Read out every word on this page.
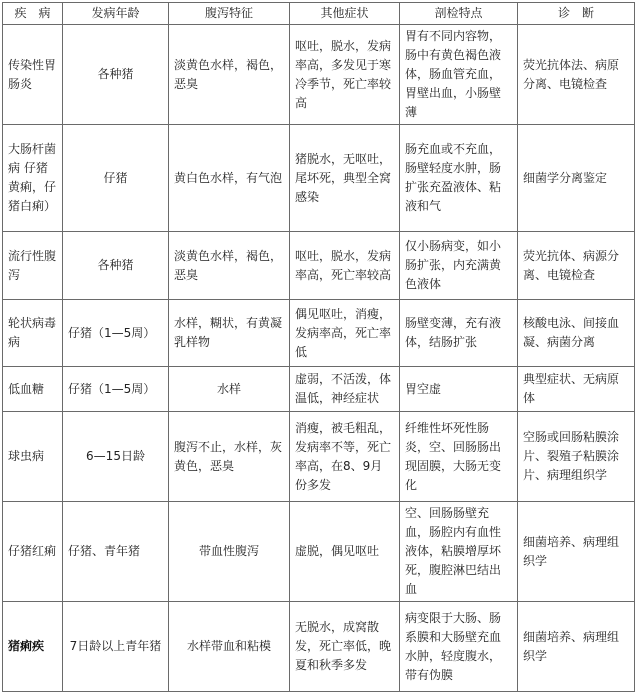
疾　病	发病年龄	腹泻特征	其他症状	剖检特点	诊　断
传染性胃肠炎	各种猪	淡黄色水样，褐色，恶臭	呕吐，脱水，发病率高，多发见于寒冷季节，死亡率较高	胃有不同内容物，肠中有黄色褐色液体，肠血管充血，胃壁出血，小肠壁薄	荧光抗体法、病原分离、电镜检查
大肠杆菌病 仔猪黄痢，仔猪白痢）	仔猪	黄白色水样，有气泡	猪脱水，无呕吐，尾坏死，典型全窝感染	肠充血或不充血，肠壁轻度水肿，肠扩张充盈液体、粘液和气	细菌学分离鉴定
流行性腹泻	各种猪	淡黄色水样，褐色，恶臭	呕吐，脱水，发病率高，死亡率较高	仅小肠病变，如小肠扩张，内充满黄色液体	荧光抗体、病源分离、电镜检查
轮状病毒病	仔猪（1—5周）	水样，糊状，有黄凝乳样物	偶见呕吐，消瘦，发病率高，死亡率低	肠壁变薄，充有液体，结肠扩张	核酸电泳、间接血凝、病菌分离
低血糖	仔猪（1—5周）	水样	虚弱，不活泼，体温低，神经症状	胃空虚	典型症状、无病原体
球虫病	6—15日龄	腹泻不止，水样，灰黄色，恶臭	消瘦，被毛粗乱，发病率不等，死亡率高，在8、9月份多发	纤维性坏死性肠炎，空、回肠肠出现固膜，大肠无变化	空肠或回肠粘膜涂片、裂殖子粘膜涂片、病理组织学
仔猪红痢	仔猪、青年猪	带血性腹泻	虚脱，偶见呕吐	空、回肠肠壁充血，肠腔内有血性液体，粘膜增厚坏死，腹腔淋巴结出血	细菌培养、病理组织学
猪痢疾	7日龄以上青年猪	水样带血和粘模	无脱水，成窝散发，死亡率低，晚夏和秋季多发	病变限于大肠、肠系膜和大肠壁充血水肿，轻度腹水，带有伪膜	细菌培养、病理组织学
